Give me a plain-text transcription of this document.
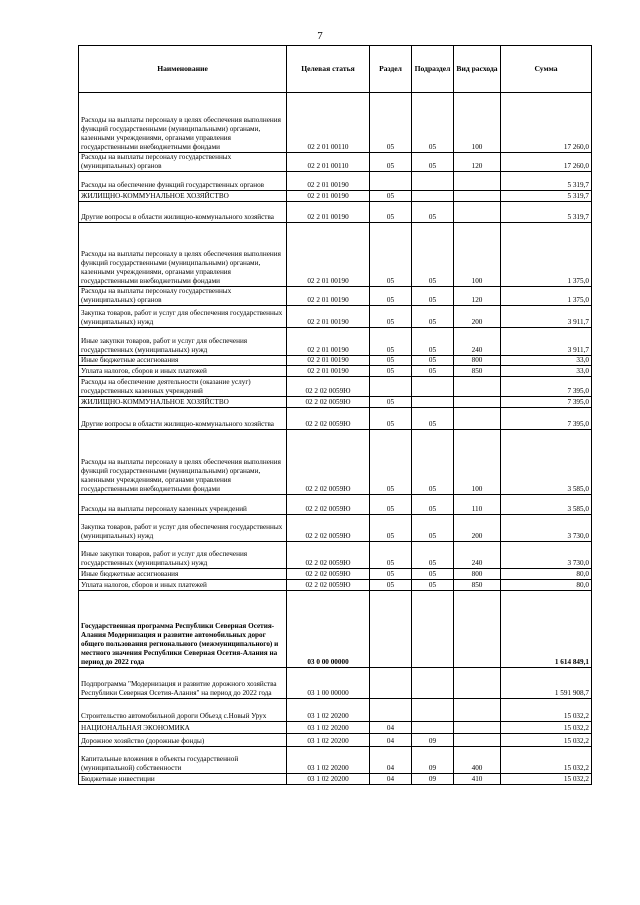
7
Наименование	Целевая статья	Раздел	Подраздел	Вид расхода	Сумма
Расходы на выплаты персоналу в целях обеспечения выполнения функций государственными (муниципальными) органами, казенными учреждениями, органами управления государственными внебюджетными фондами	02 2 01 00110	05	05	100	17 260,0
Расходы на выплаты персоналу государственных (муниципальных) органов	02 2 01 00110	05	05	120	17 260,0
Расходы на обеспечение функций государственных органов	02 2 01 00190				5 319,7
ЖИЛИЩНО-КОММУНАЛЬНОЕ ХОЗЯЙСТВО	02 2 01 00190	05			5 319,7
Другие вопросы в области жилищно-коммунального хозяйства	02 2 01 00190	05	05		5 319,7
Расходы на выплаты персоналу в целях обеспечения выполнения функций государственными (муниципальными) органами, казенными учреждениями, органами управления государственными внебюджетными фондами	02 2 01 00190	05	05	100	1 375,0
Расходы на выплаты персоналу государственных (муниципальных) органов	02 2 01 00190	05	05	120	1 375,0
Закупка товаров, работ и услуг для обеспечения государственных (муниципальных) нужд	02 2 01 00190	05	05	200	3 911,7
Иные закупки товаров, работ и услуг для обеспечения государственных (муниципальных) нужд	02 2 01 00190	05	05	240	3 911,7
Иные бюджетные ассигнования	02 2 01 00190	05	05	800	33,0
Уплата налогов, сборов и иных платежей	02 2 01 00190	05	05	850	33,0
Расходы на обеспечение деятельности (оказание услуг) государственных казенных учреждений	02 2 02 0059Ю				7 395,0
ЖИЛИЩНО-КОММУНАЛЬНОЕ ХОЗЯЙСТВО	02 2 02 0059Ю	05			7 395,0
Другие вопросы в области жилищно-коммунального хозяйства	02 2 02 0059Ю	05	05		7 395,0
Расходы на выплаты персоналу в целях обеспечения выполнения функций государственными (муниципальными) органами, казенными учреждениями, органами управления государственными внебюджетными фондами	02 2 02 0059Ю	05	05	100	3 585,0
Расходы на выплаты персоналу казенных учреждений	02 2 02 0059Ю	05	05	110	3 585,0
Закупка товаров, работ и услуг для обеспечения государственных (муниципальных) нужд	02 2 02 0059Ю	05	05	200	3 730,0
Иные закупки товаров, работ и услуг для обеспечения государственных (муниципальных) нужд	02 2 02 0059Ю	05	05	240	3 730,0
Иные бюджетные ассигнования	02 2 02 0059Ю	05	05	800	80,0
Уплата налогов, сборов и иных платежей	02 2 02 0059Ю	05	05	850	80,0
Государственная программа Республики Северная Осетия-Алания Модернизация и развитие автомобильных дорог общего пользования регионального (межмуниципального) и местного значения Республики Северная Осетия-Алания на период до 2022 года	03 0 00 00000				1 614 849,1
Подпрограмма "Модернизация и развитие дорожного хозяйства Республики Северная Осетия-Алания" на период до 2022 года	03 1 00 00000				1 591 908,7
Строительство автомобильной дороги Объезд с.Новый Урух	03 1 02 20200				15 032,2
НАЦИОНАЛЬНАЯ ЭКОНОМИКА	03 1 02 20200	04			15 032,2
Дорожное хозяйство (дорожные фонды)	03 1 02 20200	04	09		15 032,2
Капитальные вложения в объекты государственной (муниципальной) собственности	03 1 02 20200	04	09	400	15 032,2
Бюджетные инвестиции	03 1 02 20200	04	09	410	15 032,2
